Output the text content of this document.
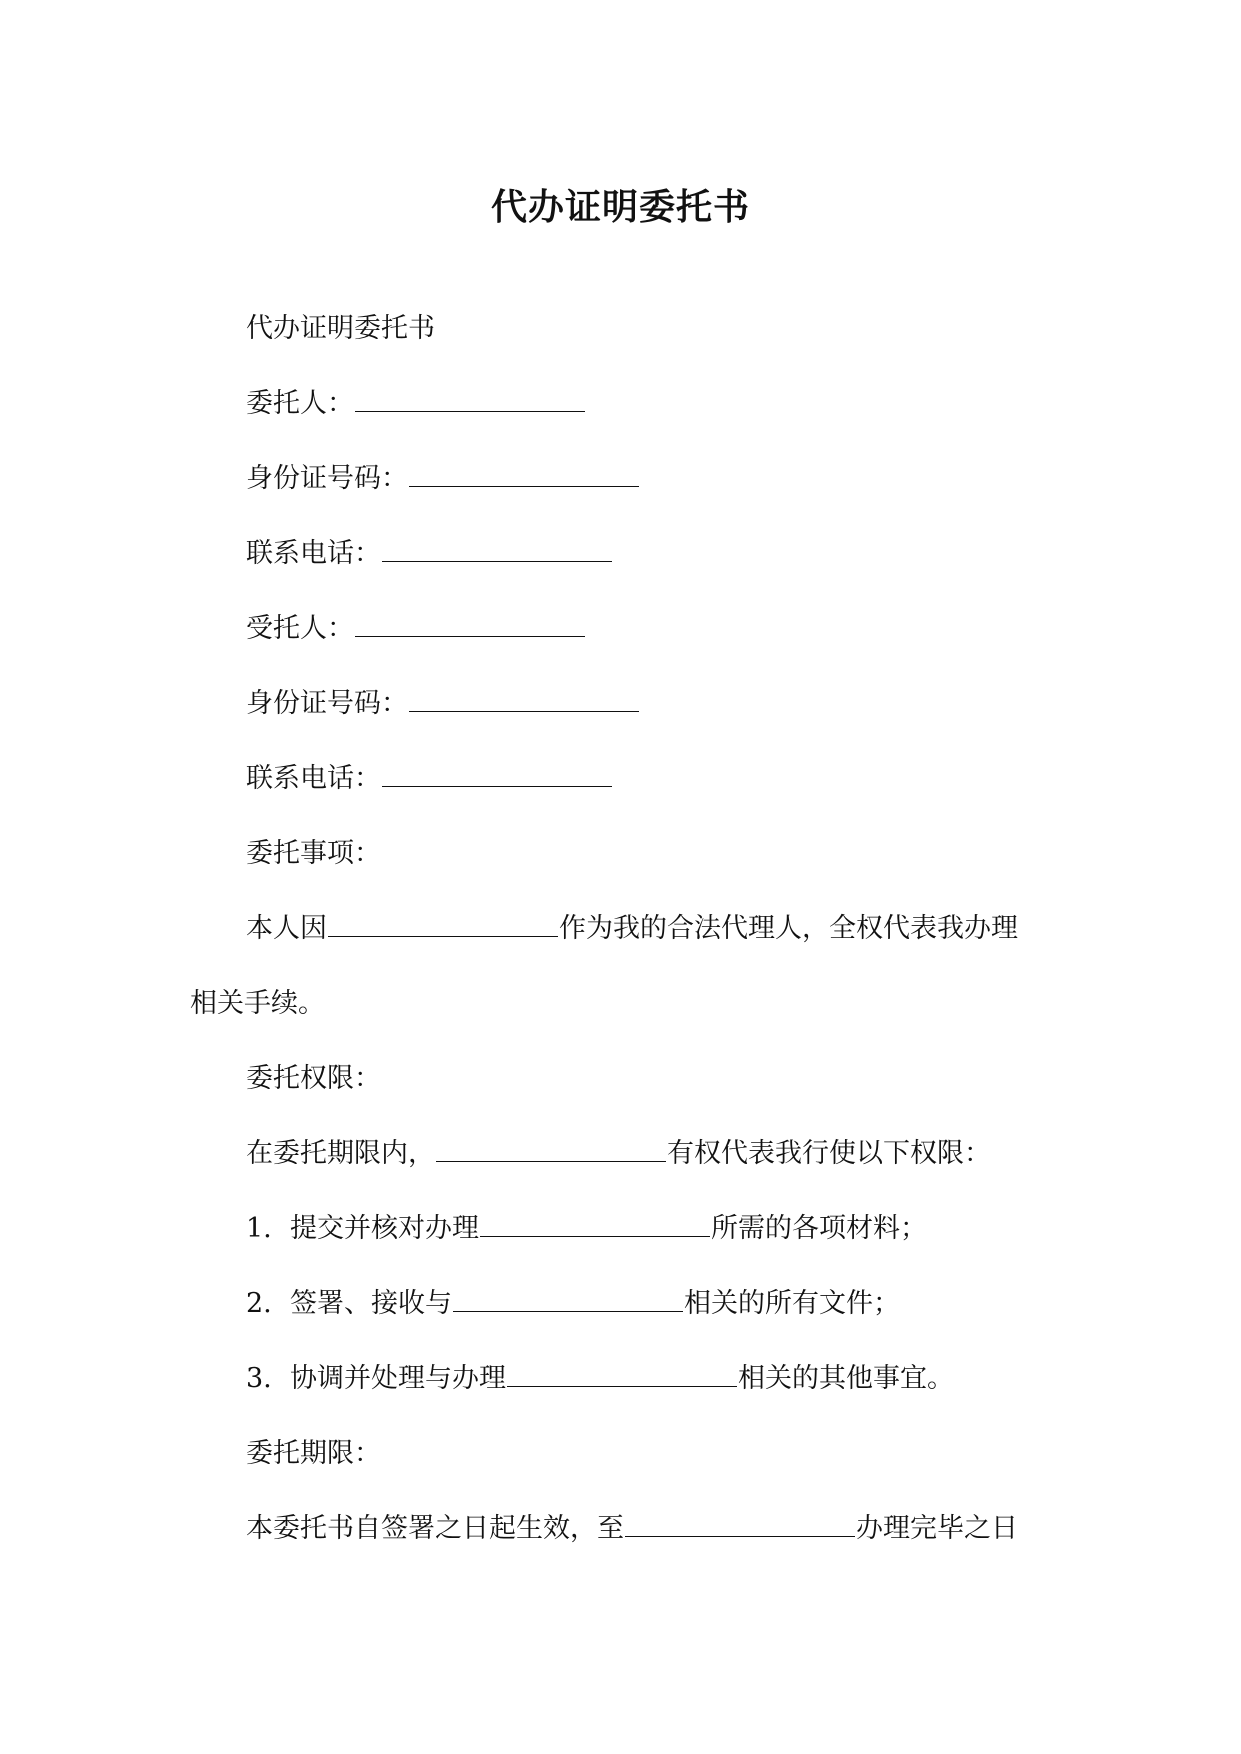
代办证明委托书

代办证明委托书

委托人：

身份证号码：

联系电话：

受托人：

身份证号码：

联系电话：

委托事项：

本人因	作为我的合法代理人，全权代表我办理

相关手续。

委托权限：

在委托期限内，	有权代表我行使以下权限：

1. 提交并核对办理	所需的各项材料；

2. 签署、接收与	相关的所有文件；

3. 协调并处理与办理	相关的其他事宜。

委托期限：

本委托书自签署之日起生效，至	办理完毕之日
